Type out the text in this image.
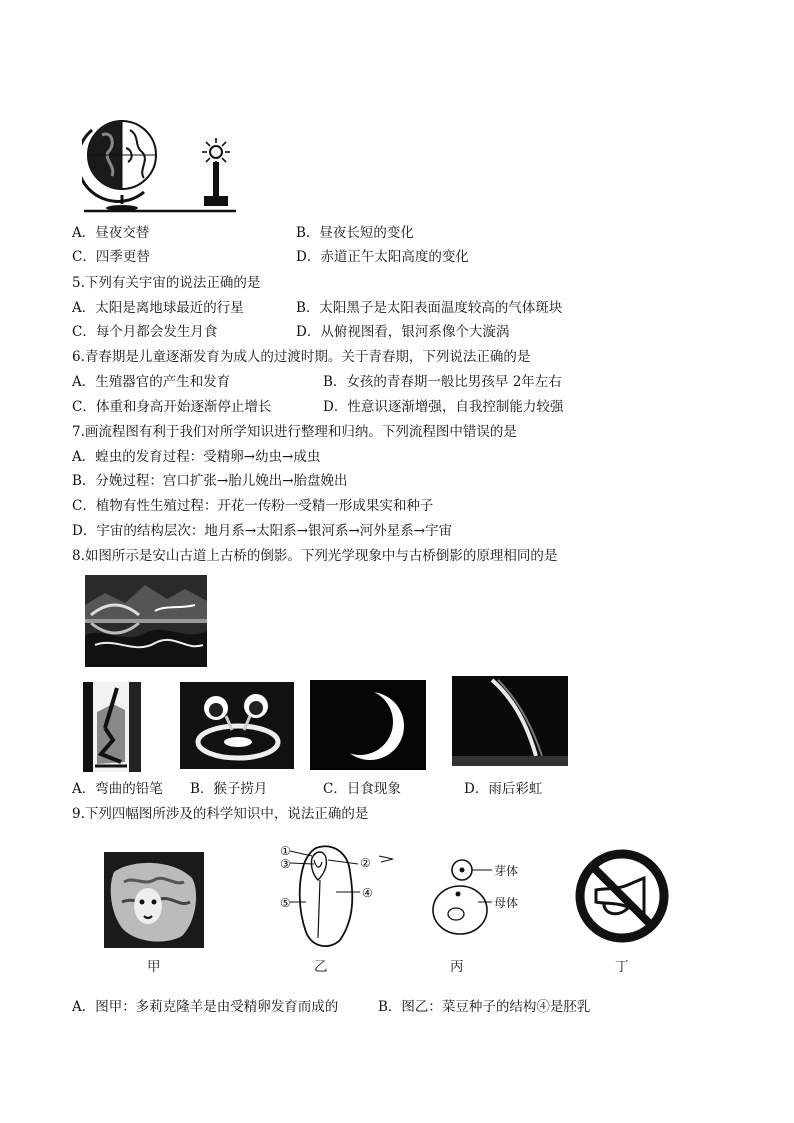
A．昼夜交替	B．昼夜长短的变化
C．四季更替	D．赤道正午太阳高度的变化
5.下列有关宇宙的说法正确的是
A．太阳是离地球最近的行星	B．太阳黑子是太阳表面温度较高的气体斑块
C．每个月都会发生月食	D．从俯视图看，银河系像个大漩涡
6.青春期是儿童逐渐发育为成人的过渡时期。关于青春期，下列说法正确的是
A．生殖器官的产生和发育	B．女孩的青春期一般比男孩早 2年左右
C．体重和身高开始逐渐停止增长	D．性意识逐渐增强，自我控制能力较强
7.画流程图有利于我们对所学知识进行整理和归纳。下列流程图中错误的是
A．蝗虫的发育过程：受精卵→幼虫→成虫
B．分娩过程：宫口扩张→胎儿娩出→胎盘娩出
C．植物有性生殖过程：开花一传粉一受精一形成果实和种子
D．宇宙的结构层次：地月系→太阳系→银河系→河外星系→宇宙
8.如图所示是安山古道上古桥的倒影。下列光学现象中与古桥倒影的原理相同的是
A．弯曲的铅笔 B．猴子捞月	C．日食现象	D．雨后彩虹
9.下列四幅图所涉及的科学知识中，说法正确的是
甲
①
③
⑤
②
④
乙
芽体
母体
丙	丁
A．图甲：多莉克隆羊是由受精卵发育而成的	B．图乙：菜豆种子的结构④是胚乳
